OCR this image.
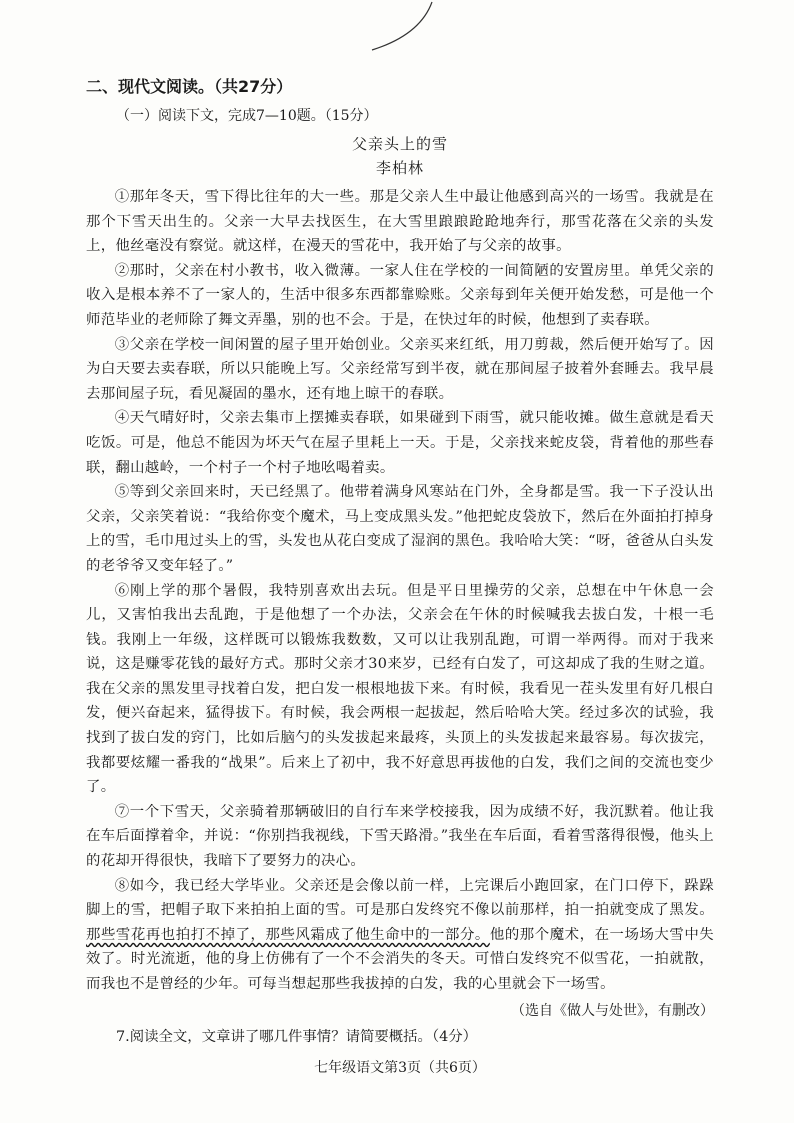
二、现代文阅读。（共27分）

（一）阅读下文，完成7—10题。（15分）

父亲头上的雪

李柏林

①那年冬天，雪下得比往年的大一些。那是父亲人生中最让他感到高兴的一场雪。我就是在那个下雪天出生的。父亲一大早去找医生，在大雪里踉踉跄跄地奔行，那雪花落在父亲的头发上，他丝毫没有察觉。就这样，在漫天的雪花中，我开始了与父亲的故事。

②那时，父亲在村小教书，收入微薄。一家人住在学校的一间简陋的安置房里。单凭父亲的收入是根本养不了一家人的，生活中很多东西都靠赊账。父亲每到年关便开始发愁，可是他一个师范毕业的老师除了舞文弄墨，别的也不会。于是，在快过年的时候，他想到了卖春联。

③父亲在学校一间闲置的屋子里开始创业。父亲买来红纸，用刀剪裁，然后便开始写了。因为白天要去卖春联，所以只能晚上写。父亲经常写到半夜，就在那间屋子披着外套睡去。我早晨去那间屋子玩，看见凝固的墨水，还有地上晾干的春联。

④天气晴好时，父亲去集市上摆摊卖春联，如果碰到下雨雪，就只能收摊。做生意就是看天吃饭。可是，他总不能因为坏天气在屋子里耗上一天。于是，父亲找来蛇皮袋，背着他的那些春联，翻山越岭，一个村子一个村子地吆喝着卖。

⑤等到父亲回来时，天已经黑了。他带着满身风寒站在门外，全身都是雪。我一下子没认出父亲，父亲笑着说：“我给你变个魔术，马上变成黑头发。”他把蛇皮袋放下，然后在外面拍打掉身上的雪，毛巾甩过头上的雪，头发也从花白变成了湿润的黑色。我哈哈大笑：“呀，爸爸从白头发的老爷爷又变年轻了。”

⑥刚上学的那个暑假，我特别喜欢出去玩。但是平日里操劳的父亲，总想在中午休息一会儿，又害怕我出去乱跑，于是他想了一个办法，父亲会在午休的时候喊我去拔白发，十根一毛钱。我刚上一年级，这样既可以锻炼我数数，又可以让我别乱跑，可谓一举两得。而对于我来说，这是赚零花钱的最好方式。那时父亲才30来岁，已经有白发了，可这却成了我的生财之道。我在父亲的黑发里寻找着白发，把白发一根根地拔下来。有时候，我看见一茬头发里有好几根白发，便兴奋起来，猛得拔下。有时候，我会两根一起拔起，然后哈哈大笑。经过多次的试验，我找到了拔白发的窍门，比如后脑勺的头发拔起来最疼，头顶上的头发拔起来最容易。每次拔完，我都要炫耀一番我的“战果”。后来上了初中，我不好意思再拔他的白发，我们之间的交流也变少了。

⑦一个下雪天，父亲骑着那辆破旧的自行车来学校接我，因为成绩不好，我沉默着。他让我在车后面撑着伞，并说：“你别挡我视线，下雪天路滑。”我坐在车后面，看着雪落得很慢，他头上的花却开得很快，我暗下了要努力的决心。

⑧如今，我已经大学毕业。父亲还是会像以前一样，上完课后小跑回家，在门口停下，跺跺脚上的雪，把帽子取下来拍拍上面的雪。可是那白发终究不像以前那样，拍一拍就变成了黑发。那些雪花再也拍打不掉了，那些风霜成了他生命中的一部分。他的那个魔术，在一场场大雪中失效了。时光流逝，他的身上仿佛有了一个不会消失的冬天。可惜白发终究不似雪花，一拍就散，而我也不是曾经的少年。可每当想起那些我拔掉的白发，我的心里就会下一场雪。

（选自《做人与处世》，有删改）

7.阅读全文，文章讲了哪几件事情？请简要概括。（4分）

七年级语文第3页（共6页）
